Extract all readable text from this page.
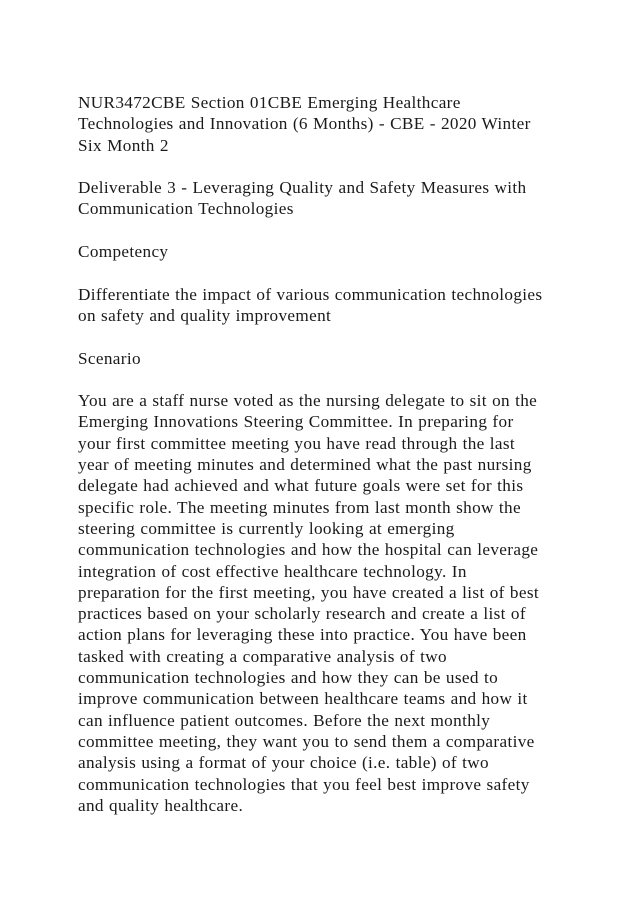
NUR3472CBE Section 01CBE Emerging Healthcare
Technologies and Innovation (6 Months) - CBE - 2020 Winter
Six Month 2

Deliverable 3 - Leveraging Quality and Safety Measures with
Communication Technologies

Competency

Differentiate the impact of various communication technologies
on safety and quality improvement

Scenario

You are a staff nurse voted as the nursing delegate to sit on the
Emerging Innovations Steering Committee. In preparing for
your first committee meeting you have read through the last
year of meeting minutes and determined what the past nursing
delegate had achieved and what future goals were set for this
specific role. The meeting minutes from last month show the
steering committee is currently looking at emerging
communication technologies and how the hospital can leverage
integration of cost effective healthcare technology. In
preparation for the first meeting, you have created a list of best
practices based on your scholarly research and create a list of
action plans for leveraging these into practice. You have been
tasked with creating a comparative analysis of two
communication technologies and how they can be used to
improve communication between healthcare teams and how it
can influence patient outcomes. Before the next monthly
committee meeting, they want you to send them a comparative
analysis using a format of your choice (i.e. table) of two
communication technologies that you feel best improve safety
and quality healthcare.
